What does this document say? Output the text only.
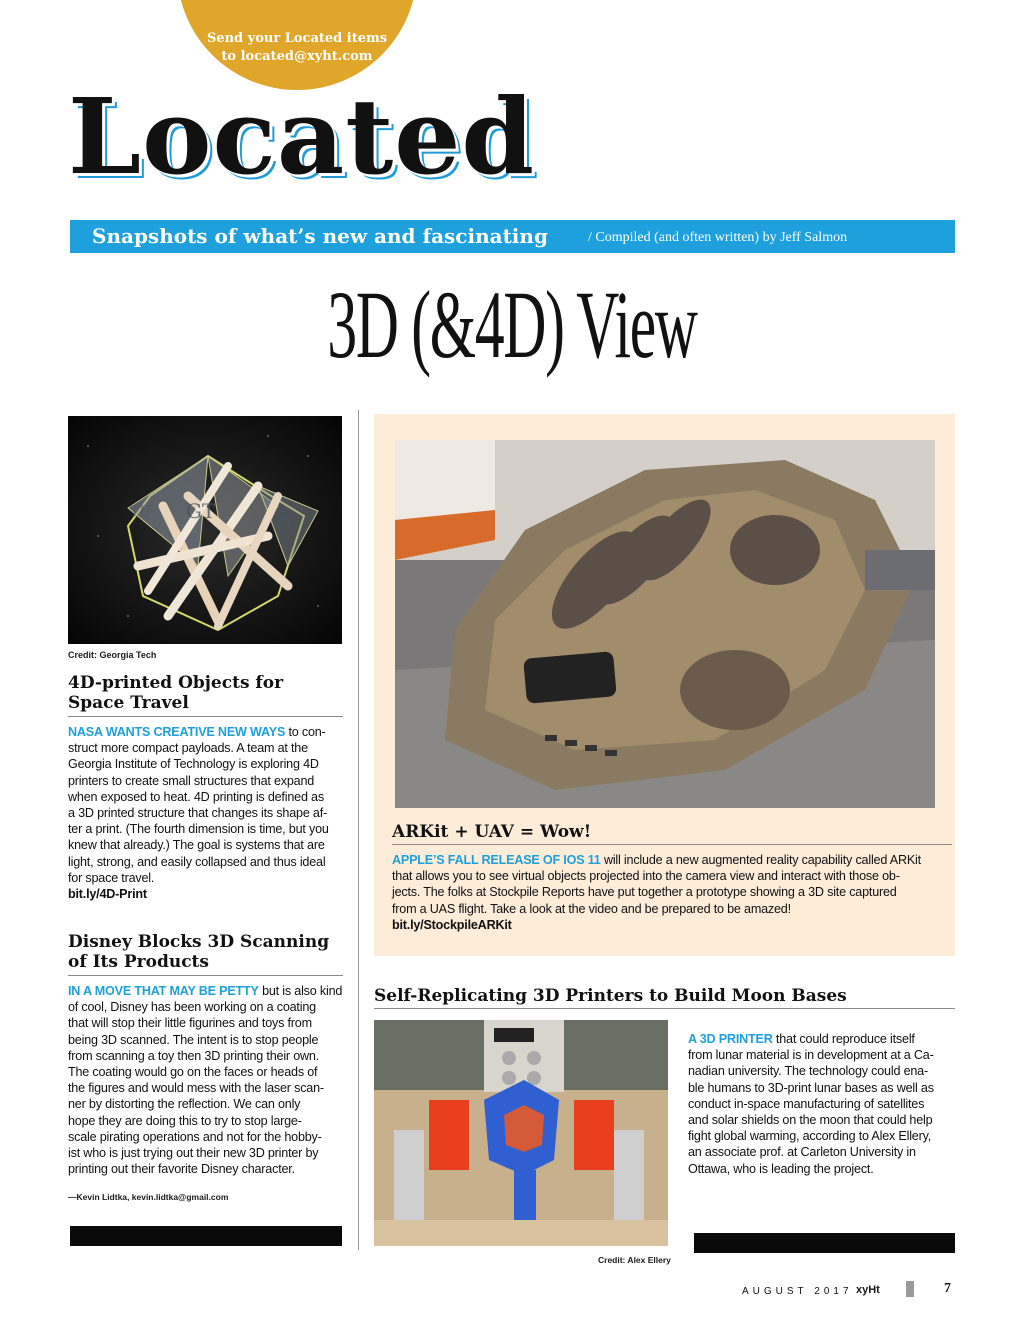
Send your Located items
to located@xyht.com
Located
Snapshots of what’s new and fascinating	/ Compiled (and often written) by Jeff Salmon
3D (&4D) View
GT
TU
TU
Credit: Georgia Tech
4D-printed Objects for
Space Travel
NASA WANTS CREATIVE NEW WAYS to con-
struct more compact payloads. A team at the
Georgia Institute of Technology is exploring 4D
printers to create small structures that expand
when exposed to heat. 4D printing is defined as
a 3D printed structure that changes its shape af-
ter a print. (The fourth dimension is time, but you
knew that already.) The goal is systems that are
light, strong, and easily collapsed and thus ideal
for space travel.
bit.ly/4D-Print
Disney Blocks 3D Scanning
of Its Products
IN A MOVE THAT MAY BE PETTY but is also kind
of cool, Disney has been working on a coating
that will stop their little figurines and toys from
being 3D scanned. The intent is to stop people
from scanning a toy then 3D printing their own.
The coating would go on the faces or heads of
the figures and would mess with the laser scan-
ner by distorting the reflection. We can only
hope they are doing this to try to stop large-
scale pirating operations and not for the hobby-
ist who is just trying out their new 3D printer by
printing out their favorite Disney character.
—Kevin Lidtka, kevin.lidtka@gmail.com
ARKit + UAV = Wow!
APPLE’S FALL RELEASE OF IOS 11 will include a new augmented reality capability called ARKit
that allows you to see virtual objects projected into the camera view and interact with those ob-
jects. The folks at Stockpile Reports have put together a prototype showing a 3D site captured
from a UAS flight. Take a look at the video and be prepared to be amazed!
bit.ly/StockpileARKit
Self-Replicating 3D Printers to Build Moon Bases
Credit: Alex Ellery
A 3D PRINTER that could reproduce itself
from lunar material is in development at a Ca-
nadian university. The technology could ena-
ble humans to 3D-print lunar bases as well as
conduct in-space manufacturing of satellites
and solar shields on the moon that could help
fight global warming, according to Alex Ellery,
an associate prof. at Carleton University in
Ottawa, who is leading the project.
AUGUST 2017 xyHt	7
